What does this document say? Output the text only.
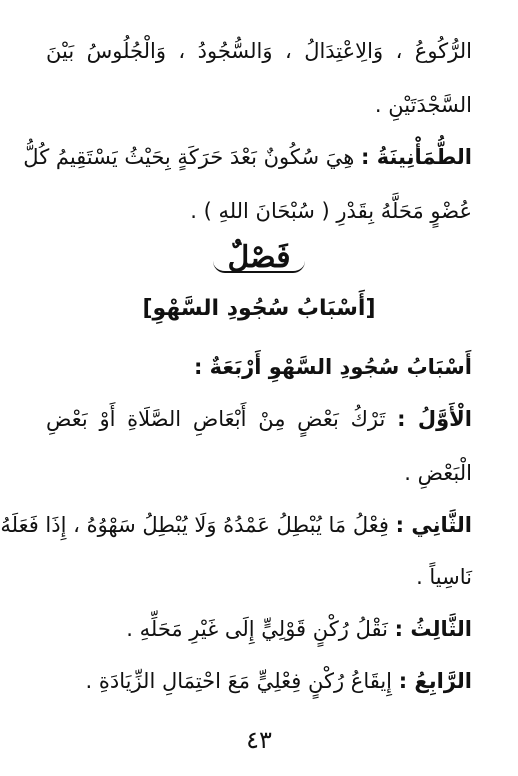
الرُّكُوعُ ، وَالِاعْتِدَالُ ، وَالسُّجُودُ ، وَالْجُلُوسُ بَيْنَ
السَّجْدَتَيْنِ .
الطُّمَأْنِينَةُ : هِيَ سُكُونٌ بَعْدَ حَرَكَةٍ بِحَيْثُ يَسْتَقِيمُ كُلُّ
عُضْوٍ مَحَلَّهُ بِقَدْرِ ( سُبْحَانَ اللهِ ) .
فَصْلٌ
[أَسْبَابُ سُجُودِ السَّهْوِ]
أَسْبَابُ سُجُودِ السَّهْوِ أَرْبَعَةٌ :
الْأَوَّلُ : تَرْكُ بَعْضٍ مِنْ أَبْعَاضِ الصَّلَاةِ أَوْ بَعْضِ
الْبَعْضِ .
الثَّانِي : فِعْلُ مَا يُبْطِلُ عَمْدُهُ وَلَا يُبْطِلُ سَهْوُهُ ، إِذَا فَعَلَهُ
نَاسِياً .
الثَّالِثُ : نَقْلُ رُكْنٍ قَوْلِيٍّ إِلَى غَيْرِ مَحَلِّهِ .
الرَّابِعُ : إِيقَاعُ رُكْنٍ فِعْلِيٍّ مَعَ احْتِمَالِ الزِّيَادَةِ .
٤٣
